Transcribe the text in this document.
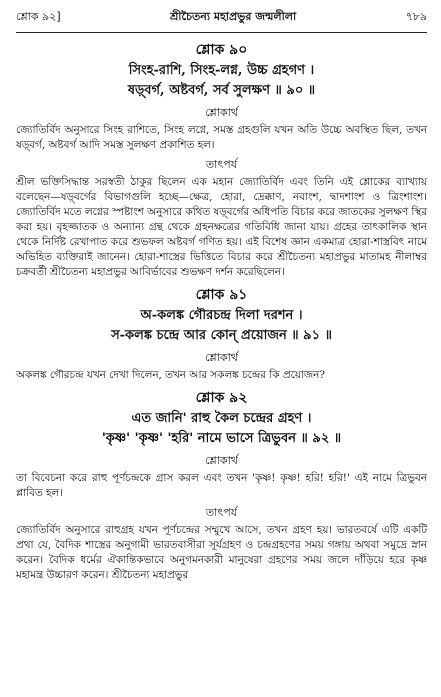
শ্লোক ৯২]	শ্রীচৈতন্য মহাপ্রভুর জন্মলীলা	৭৮৯
শ্লোক ৯০
সিংহ-রাশি, সিংহ-লগ্ন, উচ্চ গ্রহগণ ।
ষড়্‌বর্গ, অষ্টবর্গ, সর্ব সুলক্ষণ ॥ ৯০ ॥
শ্লোকার্থ
জ্যোতির্বিদ অনুসারে সিংহ রাশিতে, সিংহ লগ্নে, সমস্ত গ্রহগুলি যখন অতি উচ্চে অবস্থিত ছিল, তখন ষড়্‌বর্গ, অষ্টবর্গ আদি সমস্ত সুলক্ষণ প্রকাশিত হল।
তাৎপর্য
শ্রীল ভক্তিসিদ্ধান্ত সরস্বতী ঠাকুর ছিলেন এক মহান জ্যোতির্বিদ এবং তিনি এই শ্লোকের ব্যাখ্যায় বলেছেন—ষড়্‌বর্গের বিভাগগুলি হচ্ছে—ক্ষেত্র, হোরা, দ্রেক্কাণ, নবাংশ, দ্বাদশাংশ ও ত্রিংশাংশ। জ্যোতির্বিদ মতে লগ্নের স্পষ্টাংশ অনুসারে কথিত ষড়্‌বর্গের অধিপতি বিচার করে জাতকের সুলক্ষণ স্থির করা হয়। বৃহজ্জাতক ও অন্যান্য গ্রন্থ থেকে গ্রহনক্ষত্রের গতিবিধি জানা যায়। গ্রহের তাৎকালিক স্থান থেকে নির্দিষ্ট রেখাপাত করে শুভফল অষ্টবর্গ গণিত হয়। এই বিশেষ জ্ঞান একমাত্র হোরা-শাস্ত্রবিৎ নামে অভিহিত ব্যক্তিরাই জানেন। হোরা-শাস্ত্রের ভিত্তিতে বিচার করে শ্রীচৈতন্য মহাপ্রভুর মাতামহ নীলাম্বর চক্রবর্তী শ্রীচৈতন্য মহাপ্রভুর আবির্ভাবের শুভক্ষণ দর্শন করেছিলেন।
শ্লোক ৯১
অ-কলঙ্ক গৌরচন্দ্র দিলা দরশন ।
স-কলঙ্ক চন্দ্রে আর কোন্ প্রয়োজন ॥ ৯১ ॥
শ্লোকার্থ
অকলঙ্ক গৌরচন্দ্র যখন দেখা দিলেন, তখন আর সকলঙ্ক চন্দ্রের কি প্রয়োজন?
শ্লোক ৯২
এত জানি' রাহু কৈল চন্দ্রের গ্রহণ ।
'কৃষ্ণ' 'কৃষ্ণ' 'হরি' নামে ভাসে ত্রিভুবন ॥ ৯২ ॥
শ্লোকার্থ
তা বিবেচনা করে রাহু পূর্ণচন্দ্রকে গ্রাস করল এবং তখন 'কৃষ্ণ! কৃষ্ণ! হরি! হরি!' এই নামে ত্রিভুবন প্লাবিত হল।
তাৎপর্য
জ্যোতির্বিদ অনুসারে রাহুগ্রহ যখন পূর্ণচন্দ্রের সম্মুখে আসে, তখন গ্রহণ হয়। ভারতবর্ষে এটি একটি প্রথা যে, বৈদিক শাস্ত্রের অনুগামী ভারতবাসীরা সূর্যগ্রহণ ও চন্দ্রগ্রহণের সময় গঙ্গায় অথবা সমুদ্রে স্নান করেন। বৈদিক ধর্মের ঐকান্তিকভাবে অনুগমনকারী মানুষেরা গ্রহণের সময় জলে দাঁড়িয়ে হরে কৃষ্ণ মহামন্ত্র উচ্চারণ করেন। শ্রীচৈতন্য মহাপ্রভুর
